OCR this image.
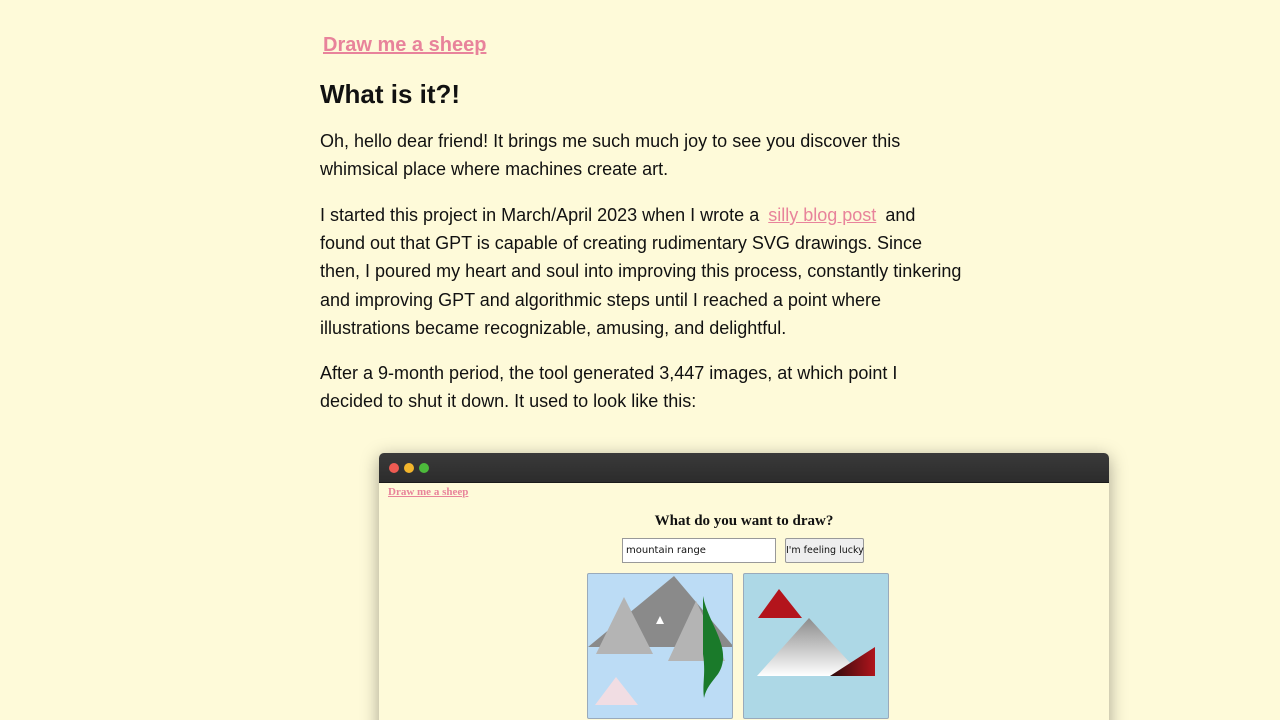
Draw me a sheep
What is it?!

Oh, hello dear friend! It brings me such much joy to see you discover this whimsical place where machines create art.

I started this project in March/April 2023 when I wrote a silly blog post and found out that GPT is capable of creating rudimentary SVG drawings. Since then, I poured my heart and soul into improving this process, constantly tinkering and improving GPT and algorithmic steps until I reached a point where illustrations became recognizable, amusing, and delightful.

After a 9-month period, the tool generated 3,447 images, at which point I decided to shut it down. It used to look like this:

Draw me a sheep
What do you want to draw?
mountain range
I'm feeling lucky
